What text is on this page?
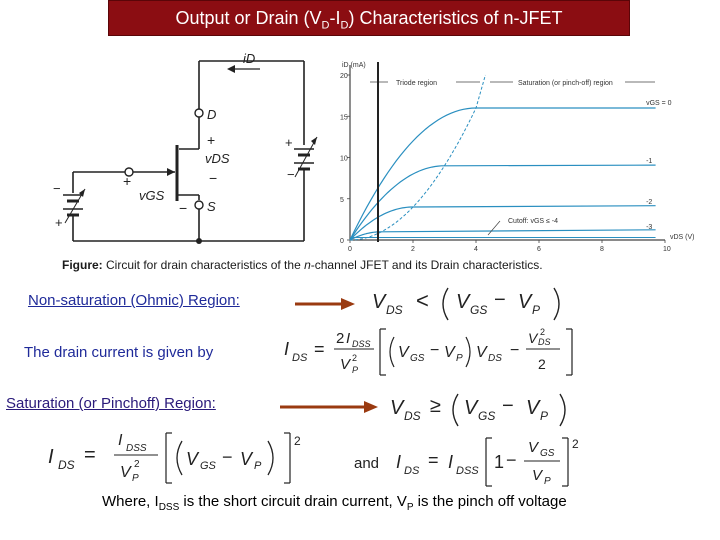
Output or Drain $(V_D-I_D)$ Characteristics of n-JFET
iD
D
+
vDS
−
+
vGS
− S
−
+
+
−
iD (mA)
vDS (V)
0
5
10
15
20
0	2	4	6	8	10
Triode region	Saturation (or pinch-off) region
vGS = 0
-1
-2
-3
Cutoff: vGS ≤ -4
Figure: Circuit for drain characteristics of the n-channel JFET and its Drain characteristics.
Non-saturation (Ohmic) Region:	V DS < V GS − V P
The drain current is given by	I DS =
2 I DSS
V P
2	V GS − V P V DS −
V DS
2
2
Saturation (or Pinchoff) Region:	V DS ≥ V GS − V P
I DS =
I DSS
V P
2	V GS − V P
2
and I DS
= I DSS 1 −
V GS
V P
2
Where, $I_{DSS}$ is the short circuit drain current, $V_P$ is the pinch off voltage
